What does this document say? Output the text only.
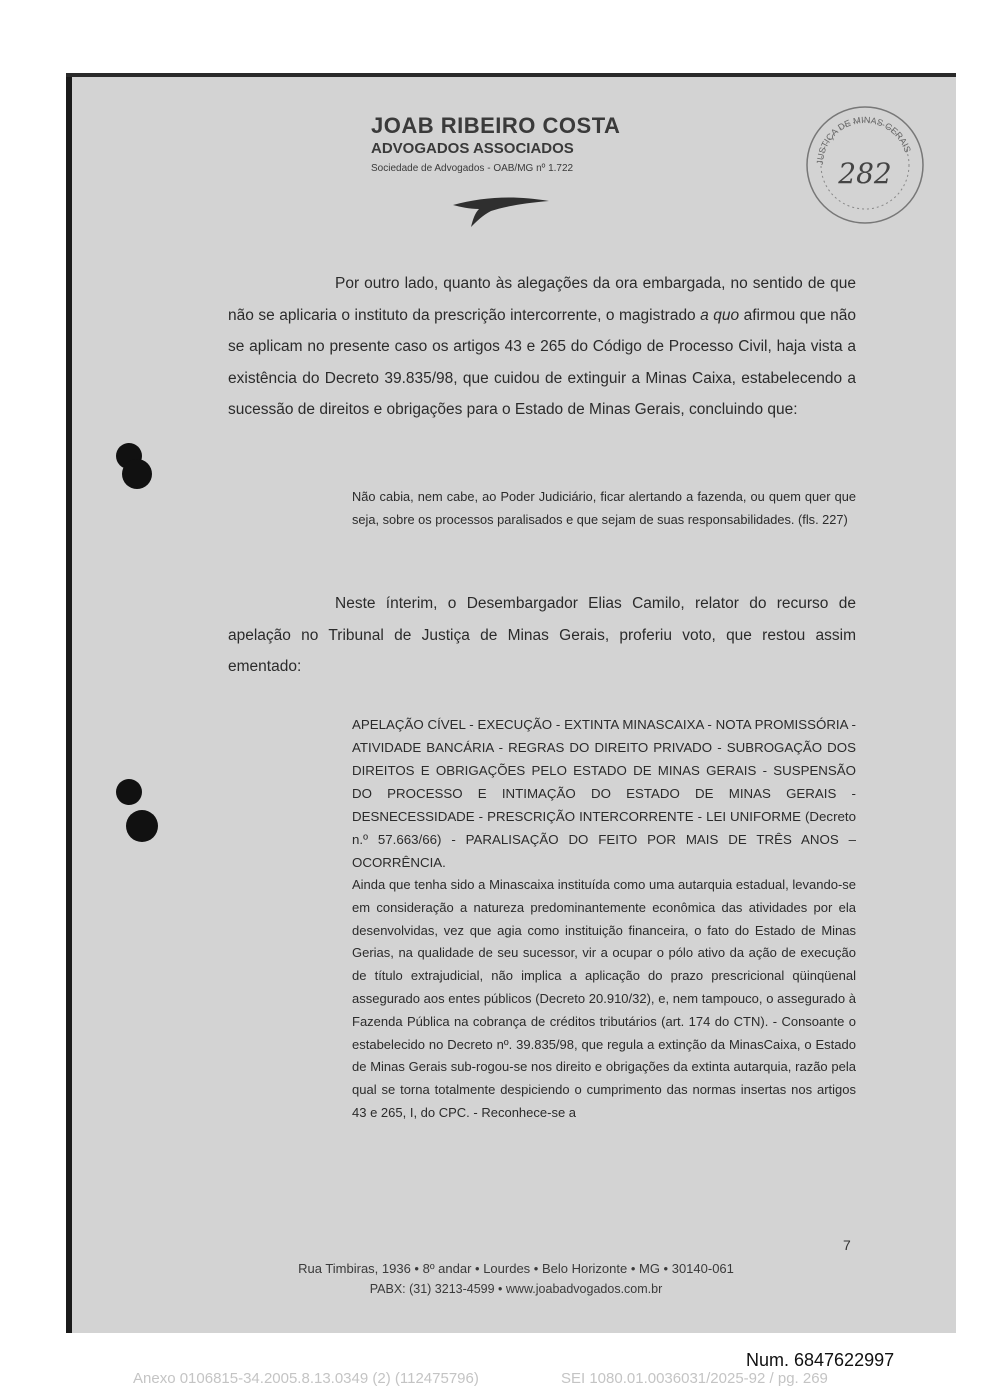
JOAB RIBEIRO COSTA

ADVOGADOS ASSOCIADOS

Sociedade de Advogados - OAB/MG nº 1.722
JUSTIÇA DE MINAS GERAIS
282
Por outro lado, quanto às alegações da ora embargada, no sentido de que não se aplicaria o instituto da prescrição intercorrente, o magistrado a quo afirmou que não se aplicam no presente caso os artigos 43 e 265 do Código de Processo Civil, haja vista a existência do Decreto 39.835/98, que cuidou de extinguir a Minas Caixa, estabelecendo a sucessão de direitos e obrigações para o Estado de Minas Gerais, concluindo que:
Não cabia, nem cabe, ao Poder Judiciário, ficar alertando a fazenda, ou quem quer que seja, sobre os processos paralisados e que sejam de suas responsabilidades. (fls. 227)
Neste ínterim, o Desembargador Elias Camilo, relator do recurso de apelação no Tribunal de Justiça de Minas Gerais, proferiu voto, que restou assim ementado:

APELAÇÃO CÍVEL - EXECUÇÃO - EXTINTA MINASCAIXA - NOTA PROMISSÓRIA - ATIVIDADE BANCÁRIA - REGRAS DO DIREITO PRIVADO - SUBROGAÇÃO DOS DIREITOS E OBRIGAÇÕES PELO ESTADO DE MINAS GERAIS - SUSPENSÃO DO PROCESSO E INTIMAÇÃO DO ESTADO DE MINAS GERAIS - DESNECESSIDADE - PRESCRIÇÃO INTERCORRENTE - LEI UNIFORME (Decreto n.º 57.663/66) - PARALISAÇÃO DO FEITO POR MAIS DE TRÊS ANOS – OCORRÊNCIA.

Ainda que tenha sido a Minascaixa instituída como uma autarquia estadual, levando-se em consideração a natureza predominantemente econômica das atividades por ela desenvolvidas, vez que agia como instituição financeira, o fato do Estado de Minas Gerias, na qualidade de seu sucessor, vir a ocupar o pólo ativo da ação de execução de título extrajudicial, não implica a aplicação do prazo prescricional qüinqüenal assegurado aos entes públicos (Decreto 20.910/32), e, nem tampouco, o assegurado à Fazenda Pública na cobrança de créditos tributários (art. 174 do CTN). - Consoante o estabelecido no Decreto nº. 39.835/98, que regula a extinção da MinasCaixa, o Estado de Minas Gerais sub-rogou-se nos direito e obrigações da extinta autarquia, razão pela qual se torna totalmente despiciendo o cumprimento das normas insertas nos artigos 43 e 265, I, do CPC. - Reconhece-se a

7

Rua Timbiras, 1936 • 8º andar • Lourdes • Belo Horizonte • MG • 30140-061

PABX: (31) 3213-4599 • www.joabadvogados.com.br

Num. 6847622997
Anexo 0106815-34.2005.8.13.0349 (2) (112475796)	SEI 1080.01.0036031/2025-92 / pg. 269
